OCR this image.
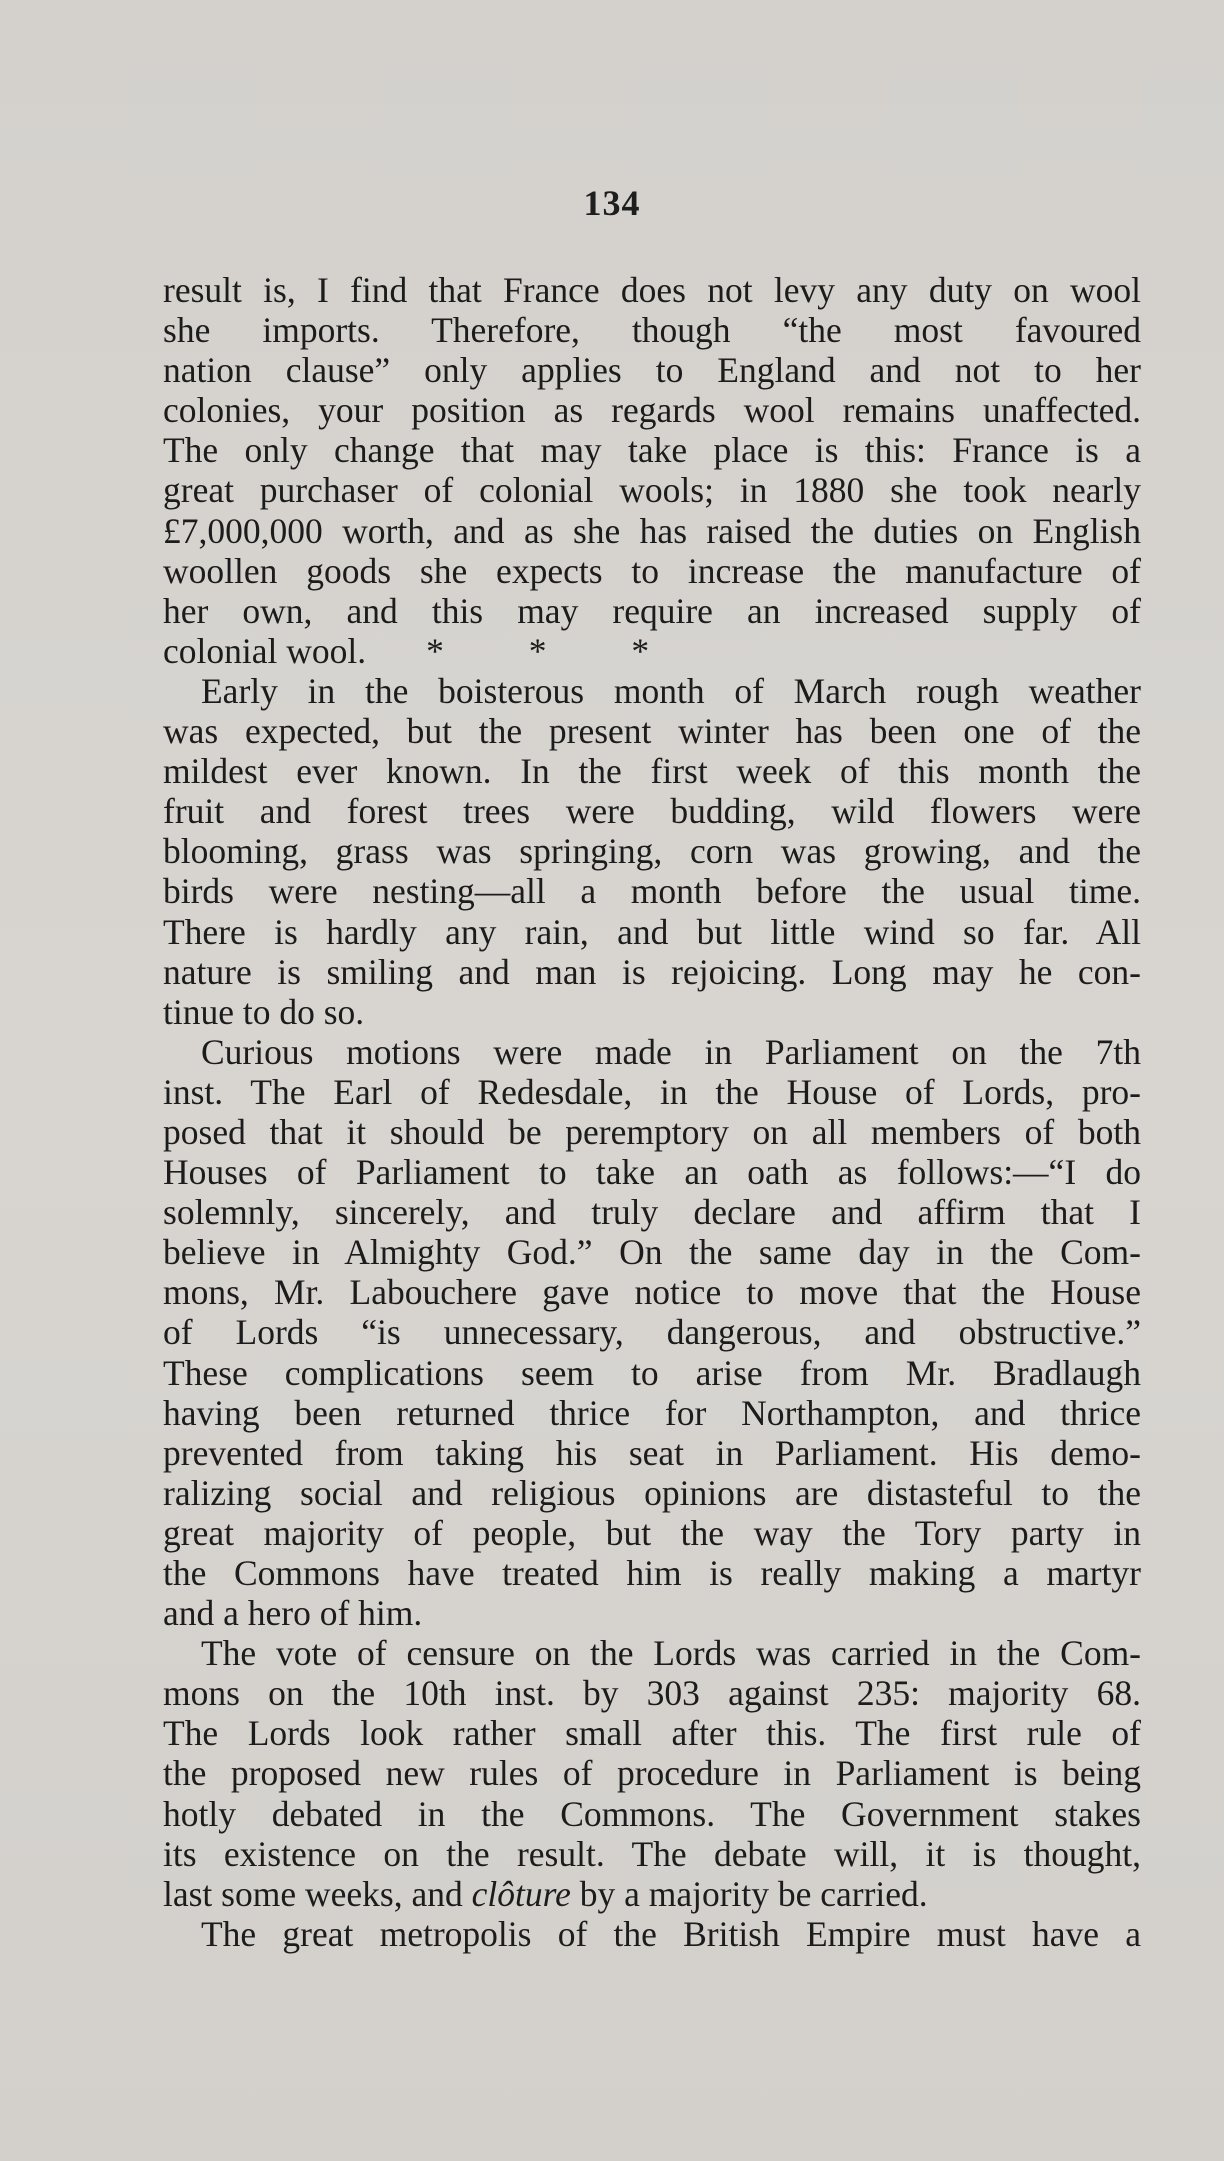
134
result is, I find that France does not levy any duty on wool
she imports. Therefore, though “the most favoured
nation clause” only applies to England and not to her
colonies, your position as regards wool remains unaffected.
The only change that may take place is this: France is a
great purchaser of colonial wools; in 1880 she took nearly
£7,000,000 worth, and as she has raised the duties on English
woollen goods she expects to increase the manufacture of
her own, and this may require an increased supply of
colonial wool. * * *
Early in the boisterous month of March rough weather
was expected, but the present winter has been one of the
mildest ever known. In the first week of this month the
fruit and forest trees were budding, wild flowers were
blooming, grass was springing, corn was growing, and the
birds were nesting—all a month before the usual time.
There is hardly any rain, and but little wind so far. All
nature is smiling and man is rejoicing. Long may he con-
tinue to do so.
Curious motions were made in Parliament on the 7th
inst. The Earl of Redesdale, in the House of Lords, pro-
posed that it should be peremptory on all members of both
Houses of Parliament to take an oath as follows:—“I do
solemnly, sincerely, and truly declare and affirm that I
believe in Almighty God.” On the same day in the Com-
mons, Mr. Labouchere gave notice to move that the House
of Lords “is unnecessary, dangerous, and obstructive.”
These complications seem to arise from Mr. Bradlaugh
having been returned thrice for Northampton, and thrice
prevented from taking his seat in Parliament. His demo-
ralizing social and religious opinions are distasteful to the
great majority of people, but the way the Tory party in
the Commons have treated him is really making a martyr
and a hero of him.
The vote of censure on the Lords was carried in the Com-
mons on the 10th inst. by 303 against 235: majority 68.
The Lords look rather small after this. The first rule of
the proposed new rules of procedure in Parliament is being
hotly debated in the Commons. The Government stakes
its existence on the result. The debate will, it is thought,
last some weeks, and clôture by a majority be carried.
The great metropolis of the British Empire must have a
